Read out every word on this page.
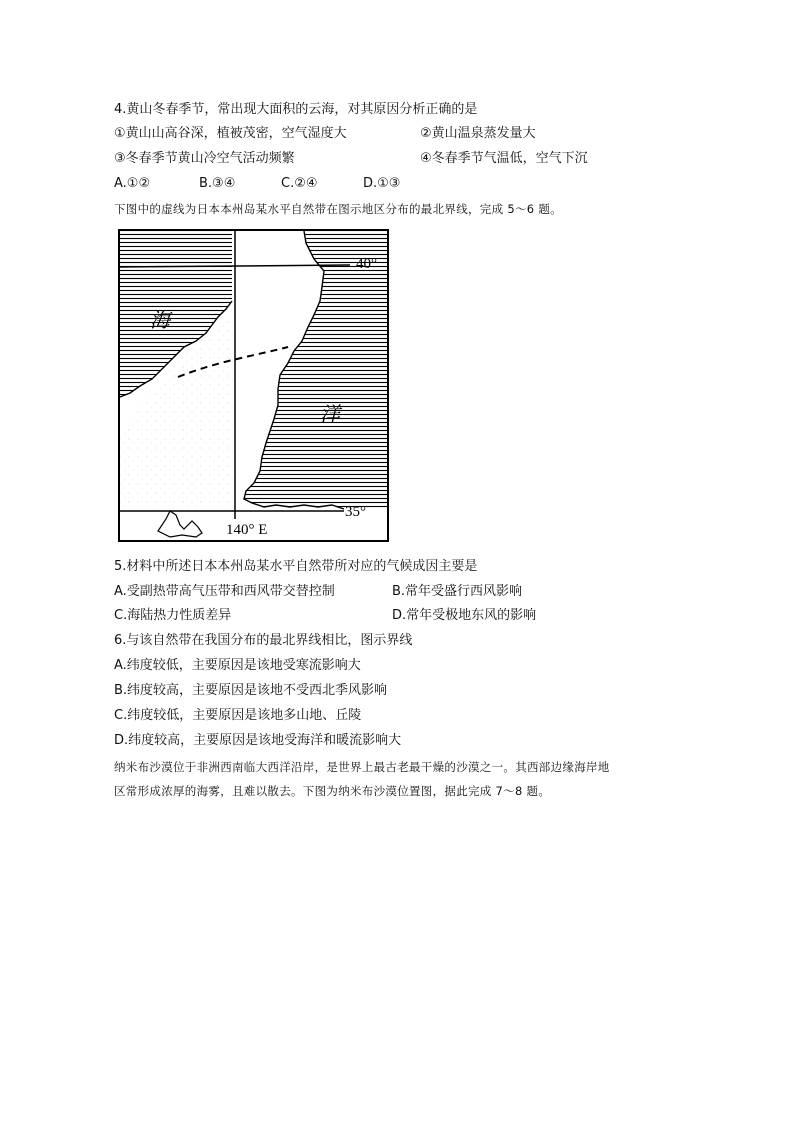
4.黄山冬春季节，常出现大面积的云海，对其原因分析正确的是
①黄山山高谷深，植被茂密，空气湿度大	②黄山温泉蒸发量大
③冬春季节黄山冷空气活动频繁	④冬春季节气温低，空气下沉
A.①②	B.③④	C.②④	D.①③
下图中的虚线为日本本州岛某水平自然带在图示地区分布的最北界线，完成 5～6 题。
海
洋
40°
35°
140° E
5.材料中所述日本本州岛某水平自然带所对应的气候成因主要是
A.受副热带高气压带和西风带交替控制	B.常年受盛行西风影响
C.海陆热力性质差异	D.常年受极地东风的影响
6.与该自然带在我国分布的最北界线相比，图示界线
A.纬度较低，主要原因是该地受寒流影响大
B.纬度较高，主要原因是该地不受西北季风影响
C.纬度较低，主要原因是该地多山地、丘陵
D.纬度较高，主要原因是该地受海洋和暖流影响大
纳米布沙漠位于非洲西南临大西洋沿岸，是世界上最古老最干燥的沙漠之一。其西部边缘海岸地
区常形成浓厚的海雾，且难以散去。下图为纳米布沙漠位置图，据此完成 7～8 题。
